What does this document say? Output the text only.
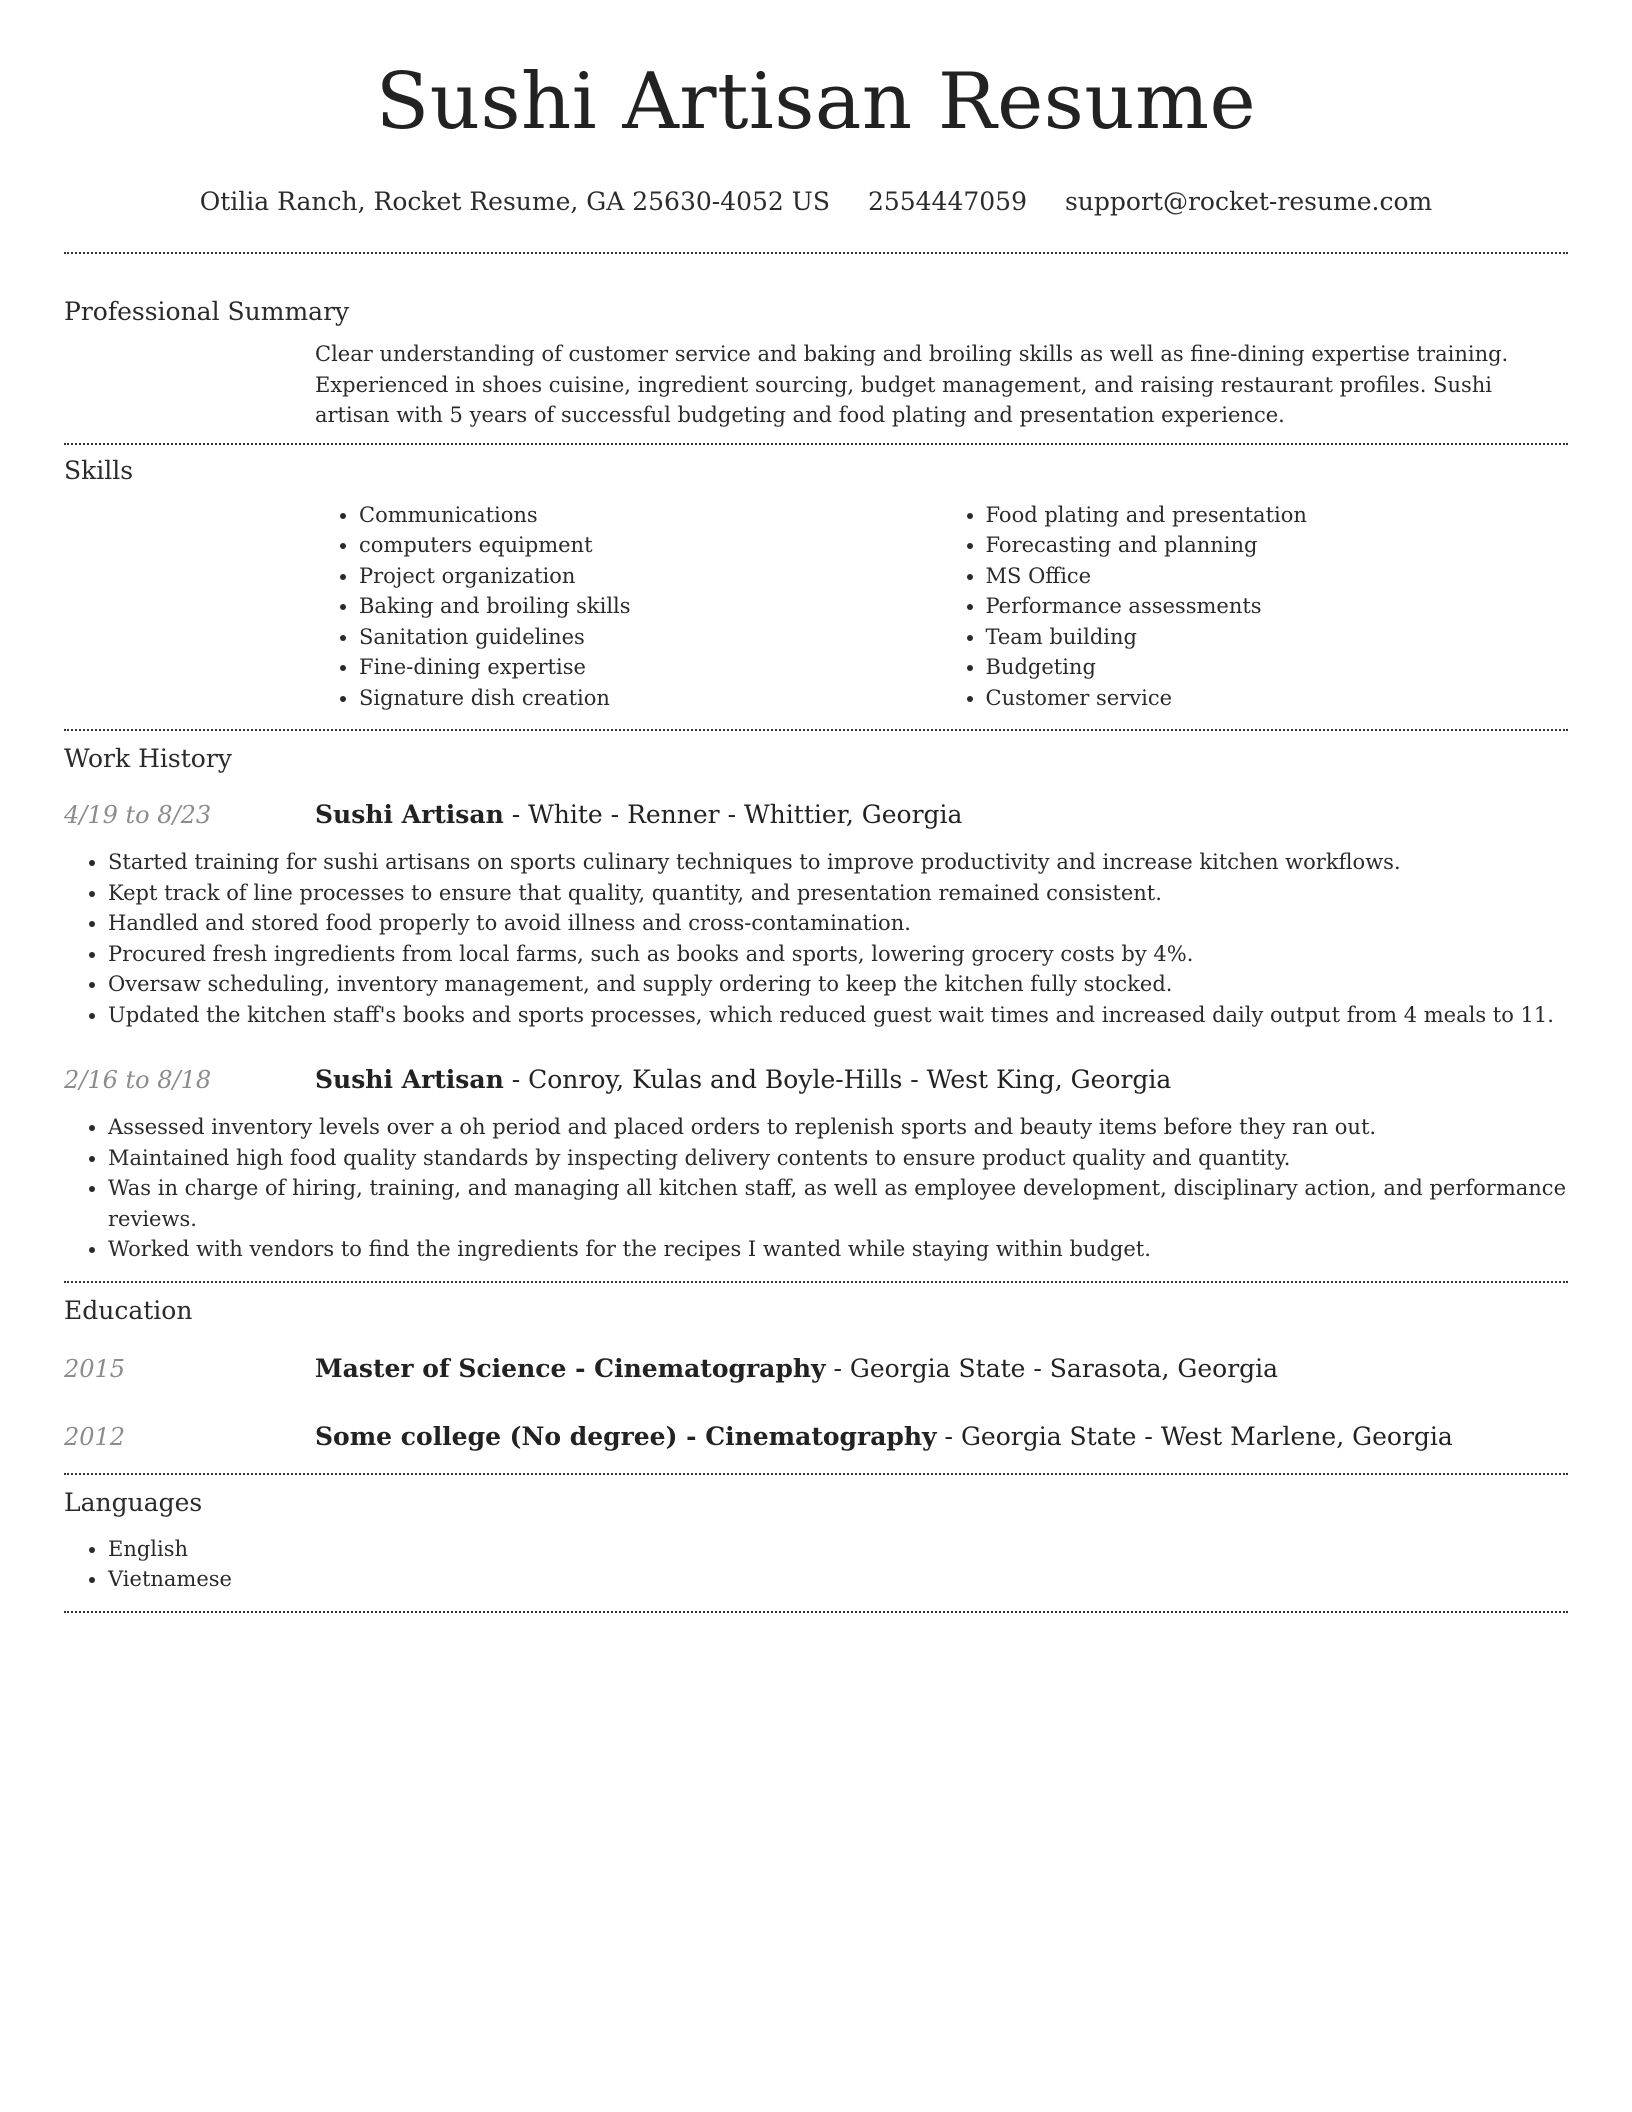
Sushi Artisan Resume
Otilia Ranch, Rocket Resume, GA 25630-4052 US 2554447059 support@rocket-resume.com
Professional Summary
Clear understanding of customer service and baking and broiling skills as well as fine-dining expertise training. Experienced in shoes cuisine, ingredient sourcing, budget management, and raising restaurant profiles. Sushi artisan with 5 years of successful budgeting and food plating and presentation experience.
Skills
• Communications
• computers equipment
• Project organization
• Baking and broiling skills
• Sanitation guidelines
• Fine-dining expertise
• Signature dish creation
• Food plating and presentation
• Forecasting and planning
• MS Office
• Performance assessments
• Team building
• Budgeting
• Customer service
Work History
4/19 to 8/23	Sushi Artisan - White - Renner - Whittier, Georgia
• Started training for sushi artisans on sports culinary techniques to improve productivity and increase kitchen workflows.
• Kept track of line processes to ensure that quality, quantity, and presentation remained consistent.
• Handled and stored food properly to avoid illness and cross-contamination.
• Procured fresh ingredients from local farms, such as books and sports, lowering grocery costs by 4%.
• Oversaw scheduling, inventory management, and supply ordering to keep the kitchen fully stocked.
• Updated the kitchen staff's books and sports processes, which reduced guest wait times and increased daily output from 4 meals to 11.
2/16 to 8/18	Sushi Artisan - Conroy, Kulas and Boyle-Hills - West King, Georgia
• Assessed inventory levels over a oh period and placed orders to replenish sports and beauty items before they ran out.
• Maintained high food quality standards by inspecting delivery contents to ensure product quality and quantity.
• Was in charge of hiring, training, and managing all kitchen staff, as well as employee development, disciplinary action, and performance reviews.
• Worked with vendors to find the ingredients for the recipes I wanted while staying within budget.
Education
2015	Master of Science - Cinematography - Georgia State - Sarasota, Georgia
2012	Some college (No degree) - Cinematography - Georgia State - West Marlene, Georgia
Languages
• English
• Vietnamese
